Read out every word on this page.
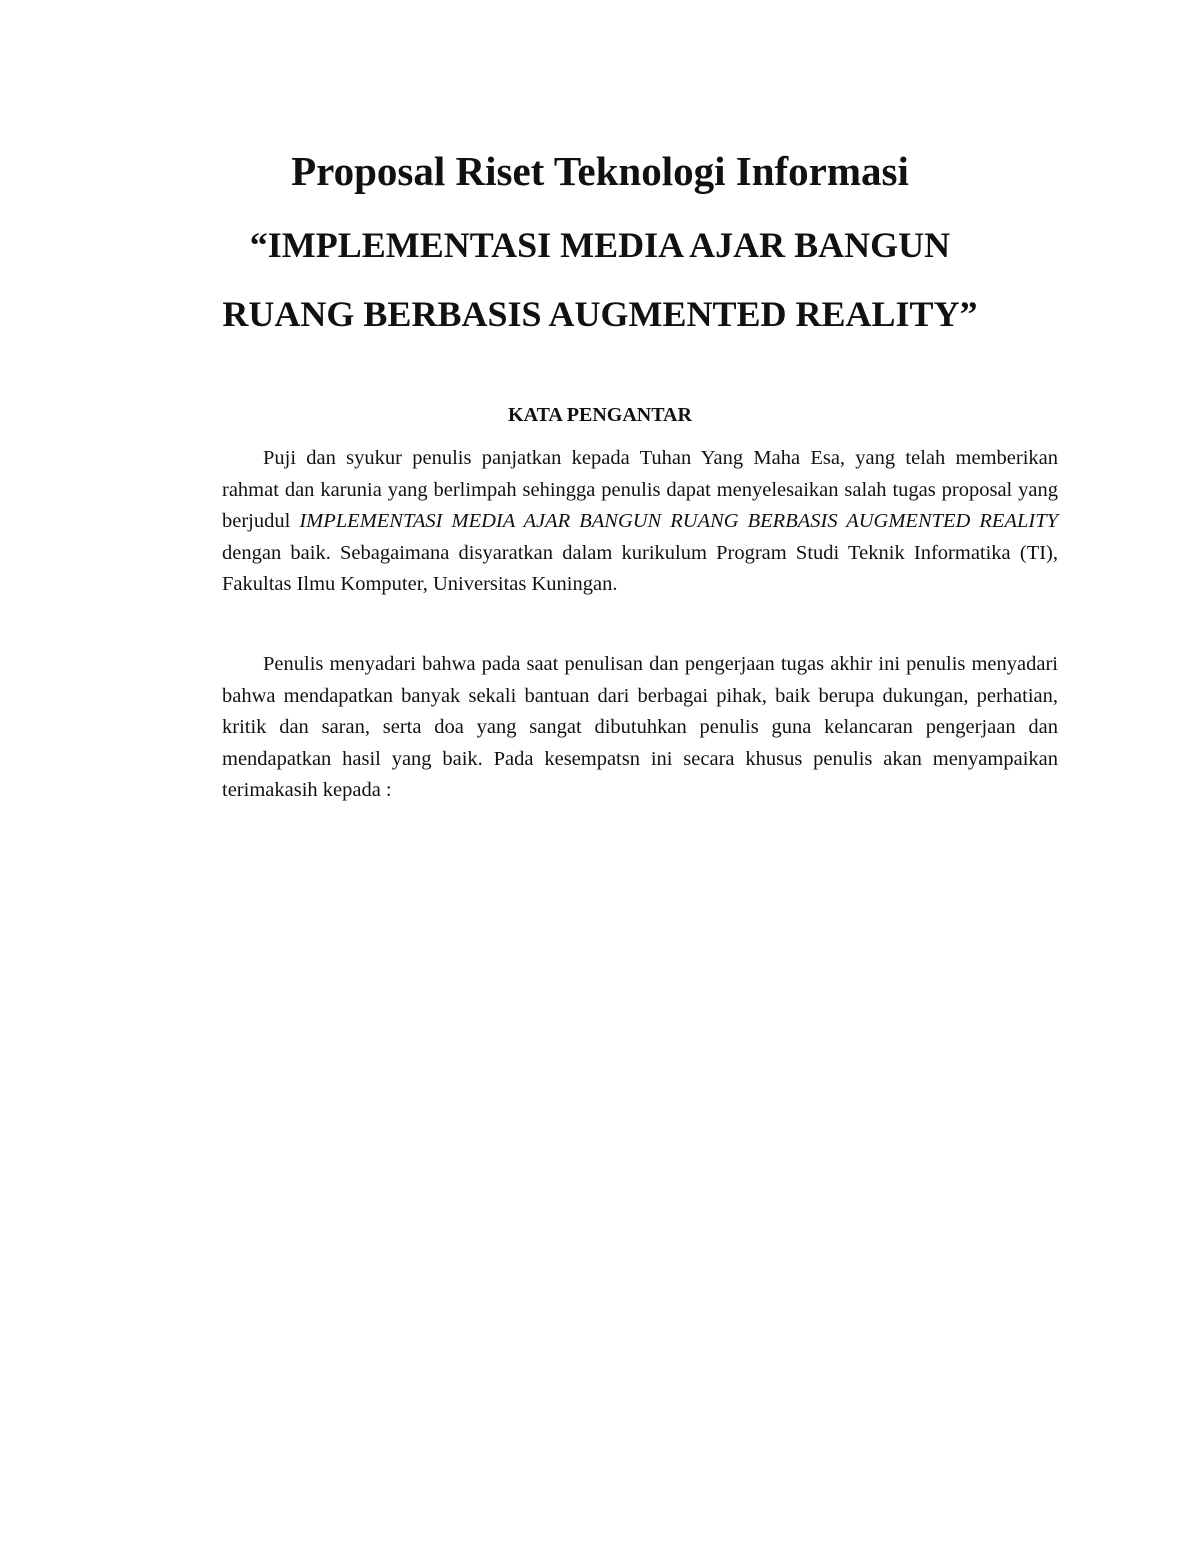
Proposal Riset Teknologi Informasi
“IMPLEMENTASI MEDIA AJAR BANGUN
RUANG BERBASIS AUGMENTED REALITY”
KATA PENGANTAR

Puji dan syukur penulis panjatkan kepada Tuhan Yang Maha Esa, yang telah memberikan rahmat dan karunia yang berlimpah sehingga penulis dapat menyelesaikan salah tugas proposal yang berjudul IMPLEMENTASI MEDIA AJAR BANGUN RUANG BERBASIS AUGMENTED REALITY dengan baik. Sebagaimana disyaratkan dalam kurikulum Program Studi Teknik Informatika (TI), Fakultas Ilmu Komputer, Universitas Kuningan.

Penulis menyadari bahwa pada saat penulisan dan pengerjaan tugas akhir ini penulis menyadari bahwa mendapatkan banyak sekali bantuan dari berbagai pihak, baik berupa dukungan, perhatian, kritik dan saran, serta doa yang sangat dibutuhkan penulis guna kelancaran pengerjaan dan mendapatkan hasil yang baik. Pada kesempatsn ini secara khusus penulis akan menyampaikan terimakasih kepada :
